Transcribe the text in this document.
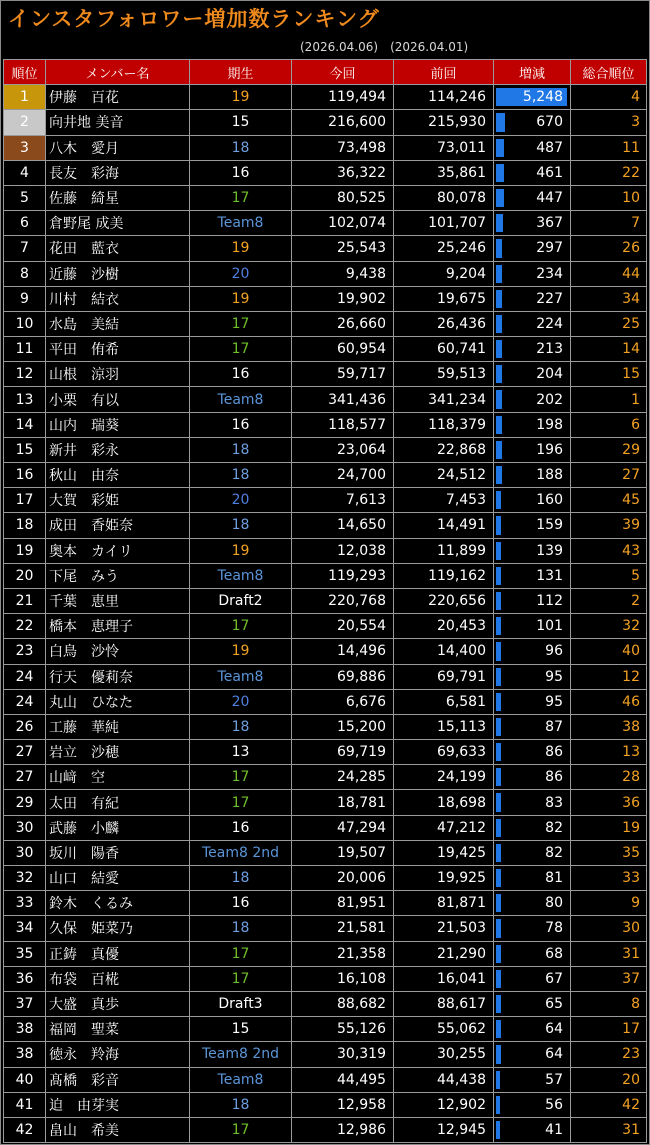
インスタフォロワー増加数ランキング
(2026.04.06)　(2026.04.01)
順位	メンバー名	期生	今回	前回	増減	総合順位
1	伊藤　百花	19	119,494	114,246	5,248	4
2	向井地 美音	15	216,600	215,930	670	3
3	八木　愛月	18	73,498	73,011	487	11
4	長友　彩海	16	36,322	35,861	461	22
5	佐藤　綺星	17	80,525	80,078	447	10
6	倉野尾 成美	Team8	102,074	101,707	367	7
7	花田　藍衣	19	25,543	25,246	297	26
8	近藤　沙樹	20	9,438	9,204	234	44
9	川村　結衣	19	19,902	19,675	227	34
10	水島　美結	17	26,660	26,436	224	25
11	平田　侑希	17	60,954	60,741	213	14
12	山根　涼羽	16	59,717	59,513	204	15
13	小栗　有以	Team8	341,436	341,234	202	1
14	山内　瑞葵	16	118,577	118,379	198	6
15	新井　彩永	18	23,064	22,868	196	29
16	秋山　由奈	18	24,700	24,512	188	27
17	大賀　彩姫	20	7,613	7,453	160	45
18	成田　香姫奈	18	14,650	14,491	159	39
19	奥本　カイリ	19	12,038	11,899	139	43
20	下尾　みう	Team8	119,293	119,162	131	5
21	千葉　恵里	Draft2	220,768	220,656	112	2
22	橋本　恵理子	17	20,554	20,453	101	32
23	白鳥　沙怜	19	14,496	14,400	96	40
24	行天　優莉奈	Team8	69,886	69,791	95	12
24	丸山　ひなた	20	6,676	6,581	95	46
26	工藤　華純	18	15,200	15,113	87	38
27	岩立　沙穂	13	69,719	69,633	86	13
27	山﨑　空	17	24,285	24,199	86	28
29	太田　有紀	17	18,781	18,698	83	36
30	武藤　小麟	16	47,294	47,212	82	19
30	坂川　陽香	Team8 2nd	19,507	19,425	82	35
32	山口　結愛	18	20,006	19,925	81	33
33	鈴木　くるみ	16	81,951	81,871	80	9
34	久保　姫菜乃	18	21,581	21,503	78	30
35	正鋳　真優	17	21,358	21,290	68	31
36	布袋　百椛	17	16,108	16,041	67	37
37	大盛　真歩	Draft3	88,682	88,617	65	8
38	福岡　聖菜	15	55,126	55,062	64	17
38	徳永　羚海	Team8 2nd	30,319	30,255	64	23
40	髙橋　彩音	Team8	44,495	44,438	57	20
41	迫　由芽実	18	12,958	12,902	56	42
42	畠山　希美	17	12,986	12,945	41	31
